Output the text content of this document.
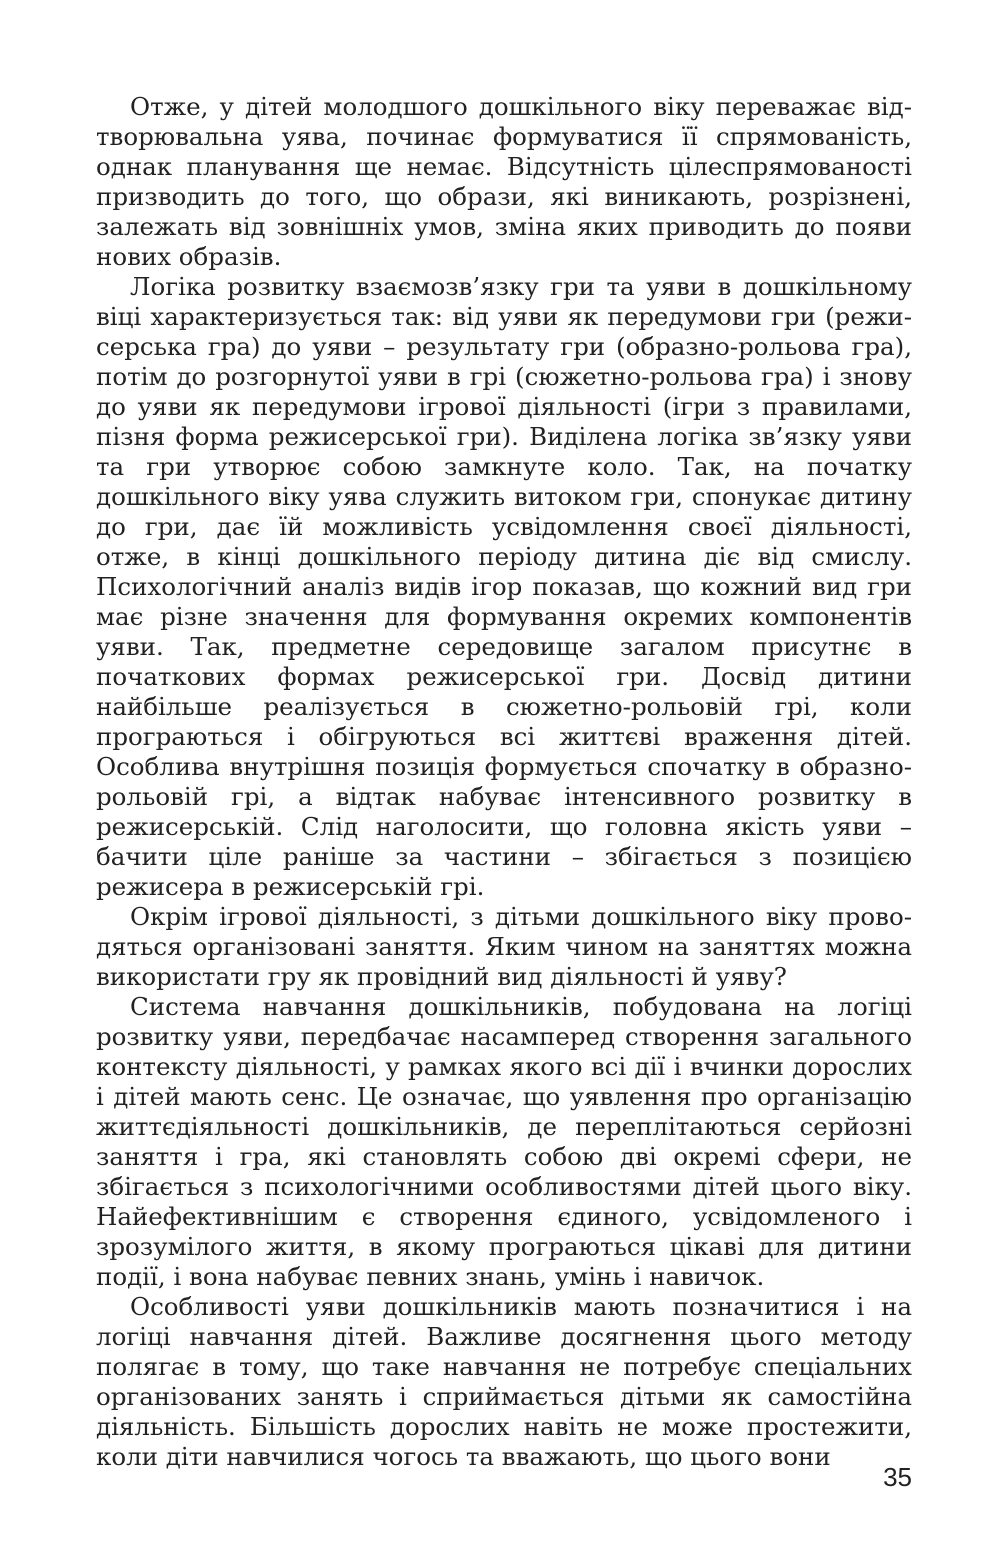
Отже, у дітей молодшого дошкільного віку переважає відтворювальна уява, починає формуватися її спрямованість, однак планування ще немає. Відсутність цілеспрямованості призводить до того, що образи, які виникають, розрізнені, залежать від зовнішніх умов, зміна яких приводить до появи нових образів.

Логіка розвитку взаємозв’язку гри та уяви в дошкільному віці характеризується так: від уяви як передумови гри (режисерська гра) до уяви – результату гри (образно-рольова гра), потім до розгорнутої уяви в грі (сюжетно-рольова гра) і знову до уяви як передумови ігрової діяльності (ігри з правилами, пізня форма режисерської гри). Виділена логіка зв’язку уяви та гри утворює собою замкнуте коло. Так, на початку дошкільного віку уява служить витоком гри, спонукає дитину до гри, дає їй можливість усвідомлення своєї діяльності, отже, в кінці дошкільного періоду дитина діє від смислу. Психологічний аналіз видів ігор показав, що кожний вид гри має різне значення для формування окремих компонентів уяви. Так, предметне середовище загалом присутнє в початкових формах режисерської гри. Досвід дитини найбільше реалізується в сюжетно-рольовій грі, коли програються і обігруються всі життєві враження дітей. Особлива внутрішня позиція формується спочатку в образно-рольовій грі, а відтак набуває інтенсивного розвитку в режисерській. Слід наголосити, що головна якість уяви – бачити ціле раніше за частини – збігається з позицією режисера в режисерській грі.

Окрім ігрової діяльності, з дітьми дошкільного віку проводяться організовані заняття. Яким чином на заняттях можна використати гру як провідний вид діяльності й уяву?

Система навчання дошкільників, побудована на логіці розвитку уяви, передбачає насамперед створення загального контексту діяльності, у рамках якого всі дії і вчинки дорослих і дітей мають сенс. Це означає, що уявлення про організацію життєдіяльності дошкільників, де переплітаються серйозні заняття і гра, які становлять собою дві окремі сфери, не збігається з психологічними особливостями дітей цього віку. Найефективнішим є створення єдиного, усвідомленого і зрозумілого життя, в якому програються цікаві для дитини події, і вона набуває певних знань, умінь і навичок.

Особливості уяви дошкільників мають позначитися і на логіці навчання дітей. Важливе досягнення цього методу полягає в тому, що таке навчання не потребує спеціальних організованих занять і сприймається дітьми як самостійна діяльність. Більшість дорослих навіть не може простежити, коли діти навчилися чогось та вважають, що цього вони

35
